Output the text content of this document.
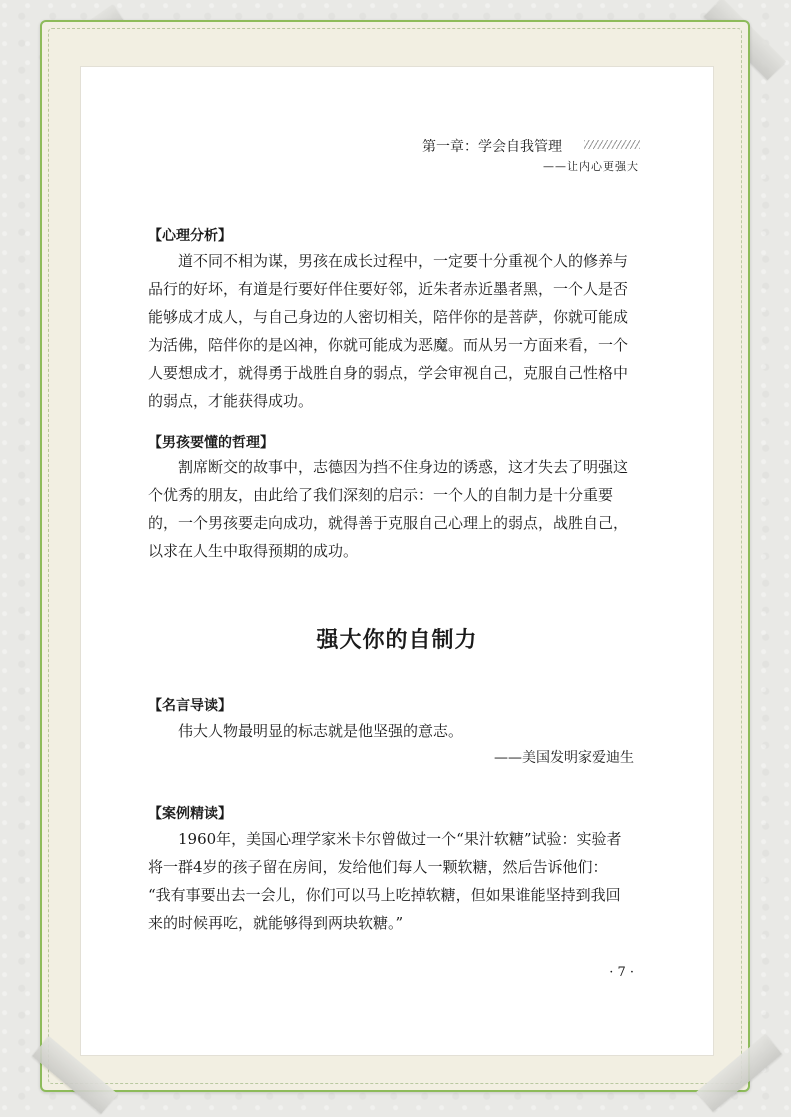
第一章：学会自我管理
——让内心更强大
【心理分析】

道不同不相为谋，男孩在成长过程中，一定要十分重视个人的修养与品行的好坏，有道是行要好伴住要好邻，近朱者赤近墨者黑，一个人是否能够成才成人，与自己身边的人密切相关，陪伴你的是菩萨，你就可能成为活佛，陪伴你的是凶神，你就可能成为恶魔。而从另一方面来看，一个人要想成才，就得勇于战胜自身的弱点，学会审视自己，克服自己性格中的弱点，才能获得成功。

【男孩要懂的哲理】

割席断交的故事中，志德因为挡不住身边的诱惑，这才失去了明强这个优秀的朋友，由此给了我们深刻的启示：一个人的自制力是十分重要的，一个男孩要走向成功，就得善于克服自己心理上的弱点，战胜自己，以求在人生中取得预期的成功。

强大你的自制力
【名言导读】

伟大人物最明显的标志就是他坚强的意志。

——美国发明家爱迪生
【案例精读】

1960年，美国心理学家米卡尔曾做过一个“果汁软糖”试验：实验者将一群4岁的孩子留在房间，发给他们每人一颗软糖，然后告诉他们：

“我有事要出去一会儿，你们可以马上吃掉软糖，但如果谁能坚持到我回来的时候再吃，就能够得到两块软糖。”

· 7 ·
